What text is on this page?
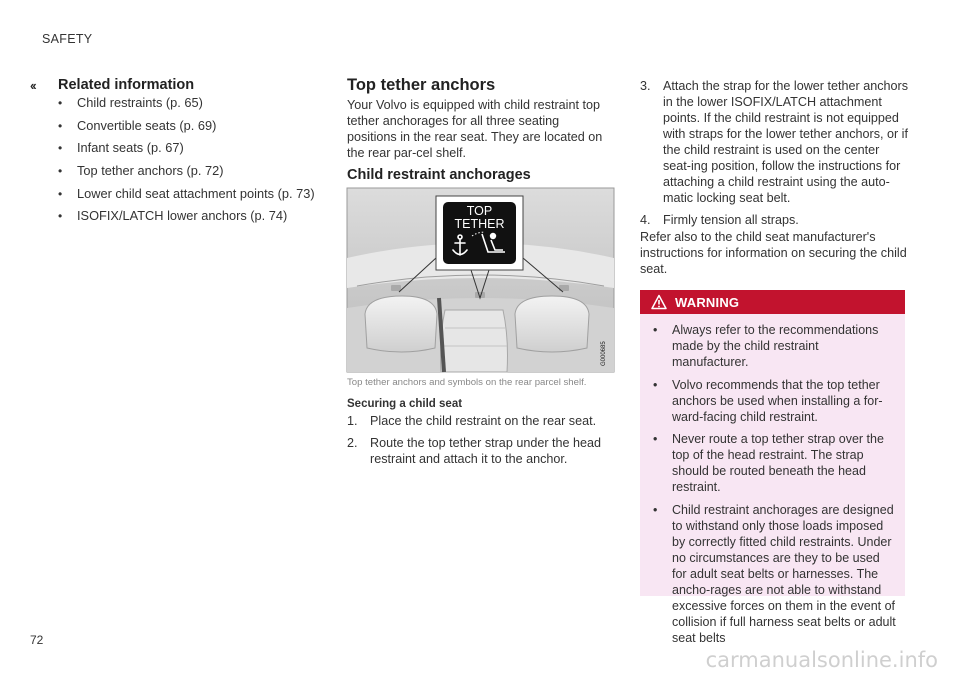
SAFETY
‹‹ Related information
• Child restraints (p. 65)
• Convertible seats (p. 69)
• Infant seats (p. 67)
• Top tether anchors (p. 72)
• Lower child seat attachment points (p. 73)
• ISOFIX/LATCH lower anchors (p. 74)
Top tether anchors

Your Volvo is equipped with child restraint top tether anchorages for all three seating positions in the rear seat. They are located on the rear par-cel shelf.

Child restraint anchorages
TOP
TETHER
G000685
Top tether anchors and symbols on the rear parcel shelf.
Securing a child seat
1. Place the child restraint on the rear seat.
2. Route the top tether strap under the head restraint and attach it to the anchor.
3. Attach the strap for the lower tether anchors in the lower ISOFIX/LATCH attachment points. If the child restraint is not equipped with straps for the lower tether anchors, or if the child restraint is used on the center seat-ing position, follow the instructions for attaching a child restraint using the auto-matic locking seat belt.
4. Firmly tension all straps.

Refer also to the child seat manufacturer's instructions for information on securing the child seat.

WARNING
• Always refer to the recommendations made by the child restraint manufacturer.
• Volvo recommends that the top tether anchors be used when installing a for-ward-facing child restraint.
• Never route a top tether strap over the top of the head restraint. The strap should be routed beneath the head restraint.
• Child restraint anchorages are designed to withstand only those loads imposed by correctly fitted child restraints. Under no circumstances are they to be used for adult seat belts or harnesses. The ancho-rages are not able to withstand excessive forces on them in the event of collision if full harness seat belts or adult seat belts
72
carmanualsonline.info
